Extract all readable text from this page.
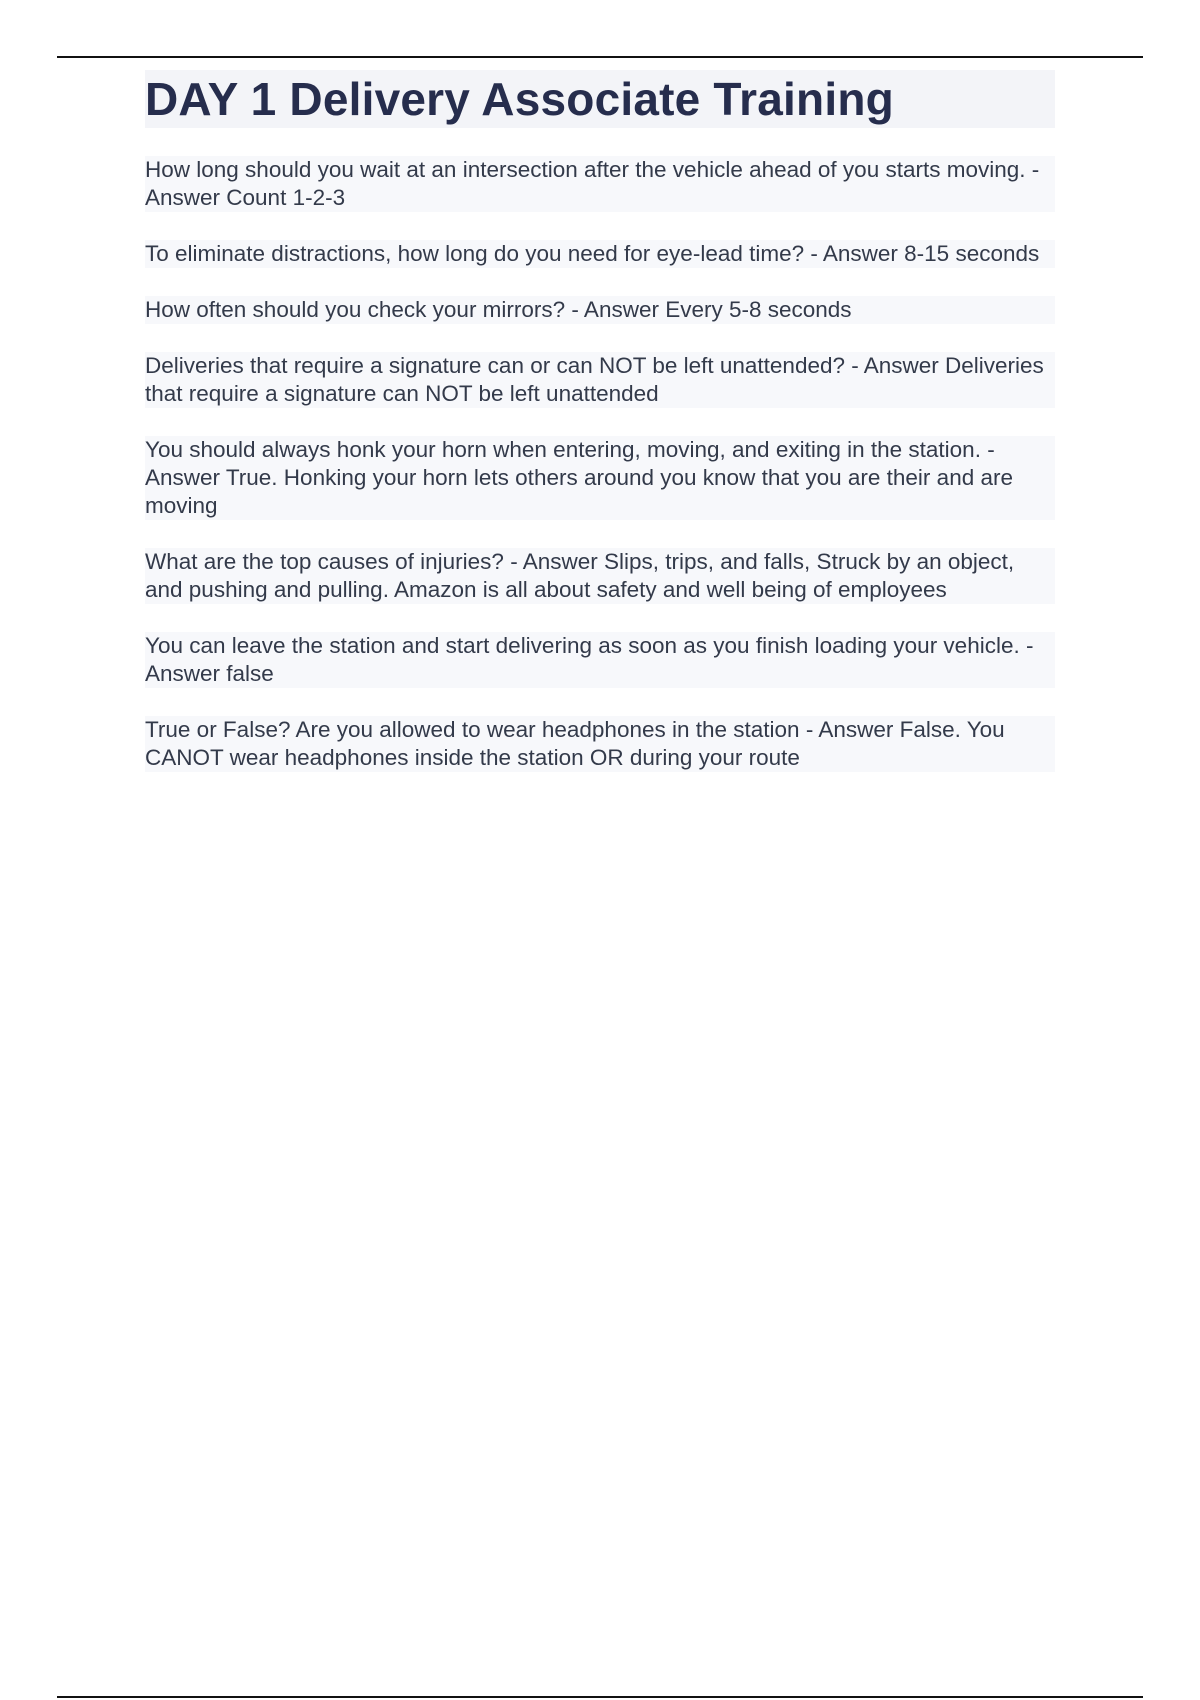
DAY 1 Delivery Associate Training

How long should you wait at an intersection after the vehicle ahead of you starts moving. - Answer Count 1-2-3

To eliminate distractions, how long do you need for eye-lead time? - Answer 8-15 seconds

How often should you check your mirrors? - Answer Every 5-8 seconds

Deliveries that require a signature can or can NOT be left unattended? - Answer Deliveries that require a signature can NOT be left unattended

You should always honk your horn when entering, moving, and exiting in the station. - Answer True. Honking your horn lets others around you know that you are their and are moving

What are the top causes of injuries? - Answer Slips, trips, and falls, Struck by an object, and pushing and pulling. Amazon is all about safety and well being of employees

You can leave the station and start delivering as soon as you finish loading your vehicle. - Answer false

True or False? Are you allowed to wear headphones in the station - Answer False. You CANOT wear headphones inside the station OR during your route
